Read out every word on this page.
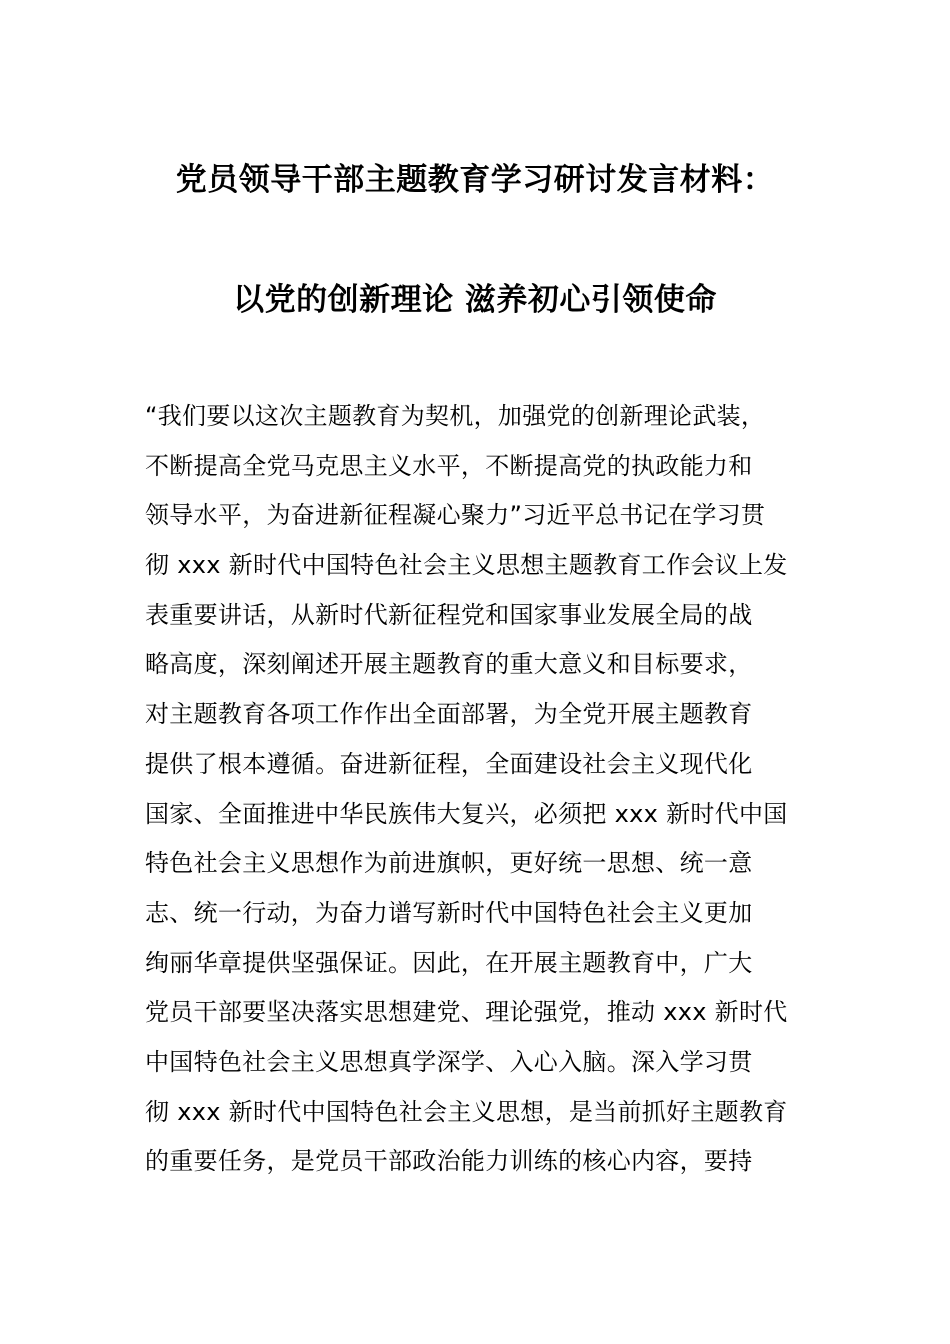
党员领导干部主题教育学习研讨发言材料：
以党的创新理论 滋养初心引领使命
“我们要以这次主题教育为契机，加强党的创新理论武装，
不断提高全党马克思主义水平，不断提高党的执政能力和
领导水平，为奋进新征程凝心聚力”习近平总书记在学习贯
彻 xxx 新时代中国特色社会主义思想主题教育工作会议上发
表重要讲话，从新时代新征程党和国家事业发展全局的战
略高度，深刻阐述开展主题教育的重大意义和目标要求，
对主题教育各项工作作出全面部署，为全党开展主题教育
提供了根本遵循。奋进新征程，全面建设社会主义现代化
国家、全面推进中华民族伟大复兴，必须把 xxx 新时代中国
特色社会主义思想作为前进旗帜，更好统一思想、统一意
志、统一行动，为奋力谱写新时代中国特色社会主义更加
绚丽华章提供坚强保证。因此，在开展主题教育中，广大
党员干部要坚决落实思想建党、理论强党，推动 xxx 新时代
中国特色社会主义思想真学深学、入心入脑。深入学习贯
彻 xxx 新时代中国特色社会主义思想，是当前抓好主题教育
的重要任务，是党员干部政治能力训练的核心内容，要持
